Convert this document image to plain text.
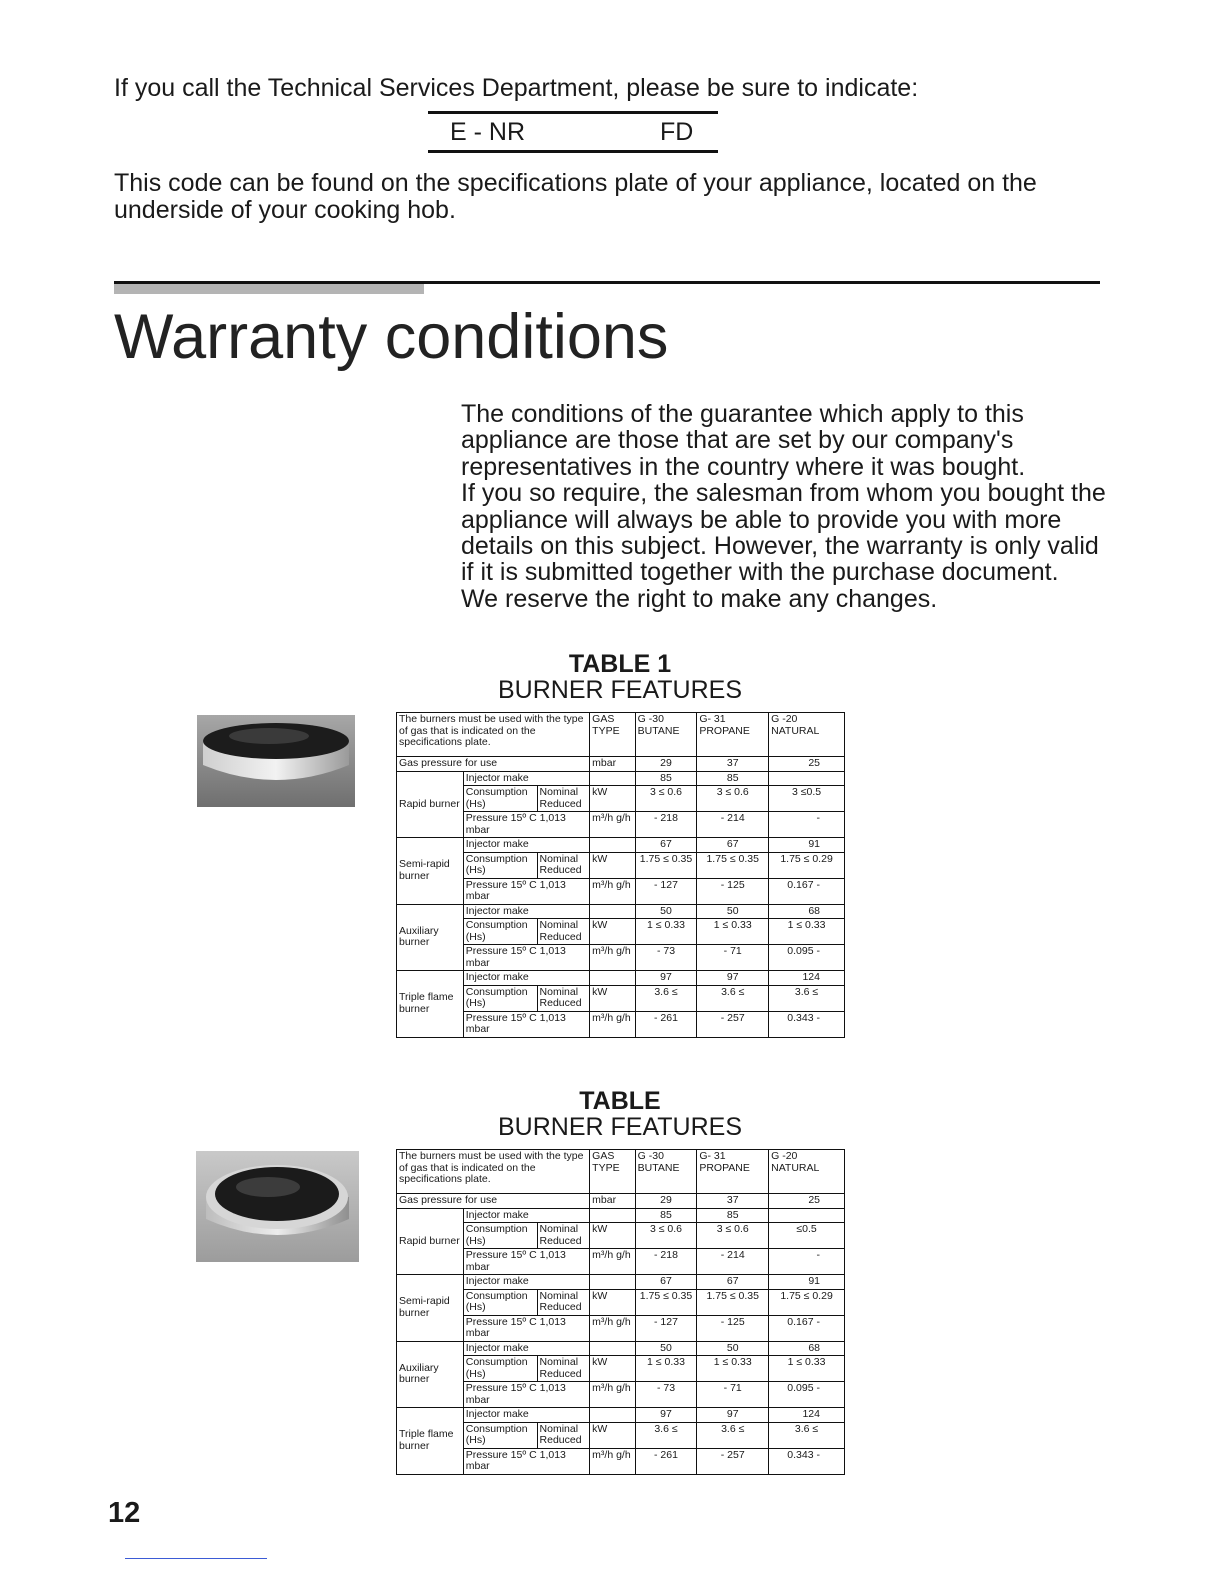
If you call the Technical Services Department, please be sure to indicate:
E - NR	FD
This code can be found on the specifications plate of your appliance, located on the underside of your cooking hob.
Warranty conditions

The conditions of the guarantee which apply to this appliance are those that are set by our company's representatives in the country where it was bought.

If you so require, the salesman from whom you bought the appliance will always be able to provide you with more details on this subject. However, the warranty is only valid if it is submitted together with the purchase document.

We reserve the right to make any changes.

TABLE 1
BURNER FEATURES
The burners must be used with the type of gas that is indicated on the specifications plate.			GAS TYPE	G -30 BUTANE	G- 31 PROPANE	G -20 NATURAL
Gas pressure for use			mbar	29	37	25
Rapid burner	Injector make			85	85	
	Consumption (Hs)	Nominal Reduced	kW	3 ≤ 0.6	3 ≤ 0.6	3 ≤0.5
	Pressure 15º C 1,013 mbar		m³/h g/h	- 218	- 214	-
Semi-rapid burner	Injector make			67	67	91
	Consumption (Hs)	Nominal Reduced	kW	1.75 ≤ 0.35	1.75 ≤ 0.35	1.75 ≤ 0.29
	Pressure 15º C 1,013 mbar		m³/h g/h	- 127	- 125	0.167 -
Auxiliary burner	Injector make			50	50	68
	Consumption (Hs)	Nominal Reduced	kW	1 ≤ 0.33	1 ≤ 0.33	1 ≤ 0.33
	Pressure 15º C 1,013 mbar		m³/h g/h	- 73	- 71	0.095 -
Triple flame burner	Injector make			97	97	124
	Consumption (Hs)	Nominal Reduced	kW	3.6 ≤	3.6 ≤	3.6 ≤
	Pressure 15º C 1,013 mbar		m³/h g/h	- 261	- 257	0.343 -
TABLE
BURNER FEATURES
The burners must be used with the type of gas that is indicated on the specifications plate.			GAS TYPE	G -30 BUTANE	G- 31 PROPANE	G -20 NATURAL
Gas pressure for use			mbar	29	37	25
Rapid burner	Injector make			85	85	
	Consumption (Hs)	Nominal Reduced	kW	3 ≤ 0.6	3 ≤ 0.6	≤0.5
	Pressure 15º C 1,013 mbar		m³/h g/h	- 218	- 214	-
Semi-rapid burner	Injector make			67	67	91
	Consumption (Hs)	Nominal Reduced	kW	1.75 ≤ 0.35	1.75 ≤ 0.35	1.75 ≤ 0.29
	Pressure 15º C 1,013 mbar		m³/h g/h	- 127	- 125	0.167 -
Auxiliary burner	Injector make			50	50	68
	Consumption (Hs)	Nominal Reduced	kW	1 ≤ 0.33	1 ≤ 0.33	1 ≤ 0.33
	Pressure 15º C 1,013 mbar		m³/h g/h	- 73	- 71	0.095 -
Triple flame burner	Injector make			97	97	124
	Consumption (Hs)	Nominal Reduced	kW	3.6 ≤	3.6 ≤	3.6 ≤
	Pressure 15º C 1,013 mbar		m³/h g/h	- 261	- 257	0.343 -
12
